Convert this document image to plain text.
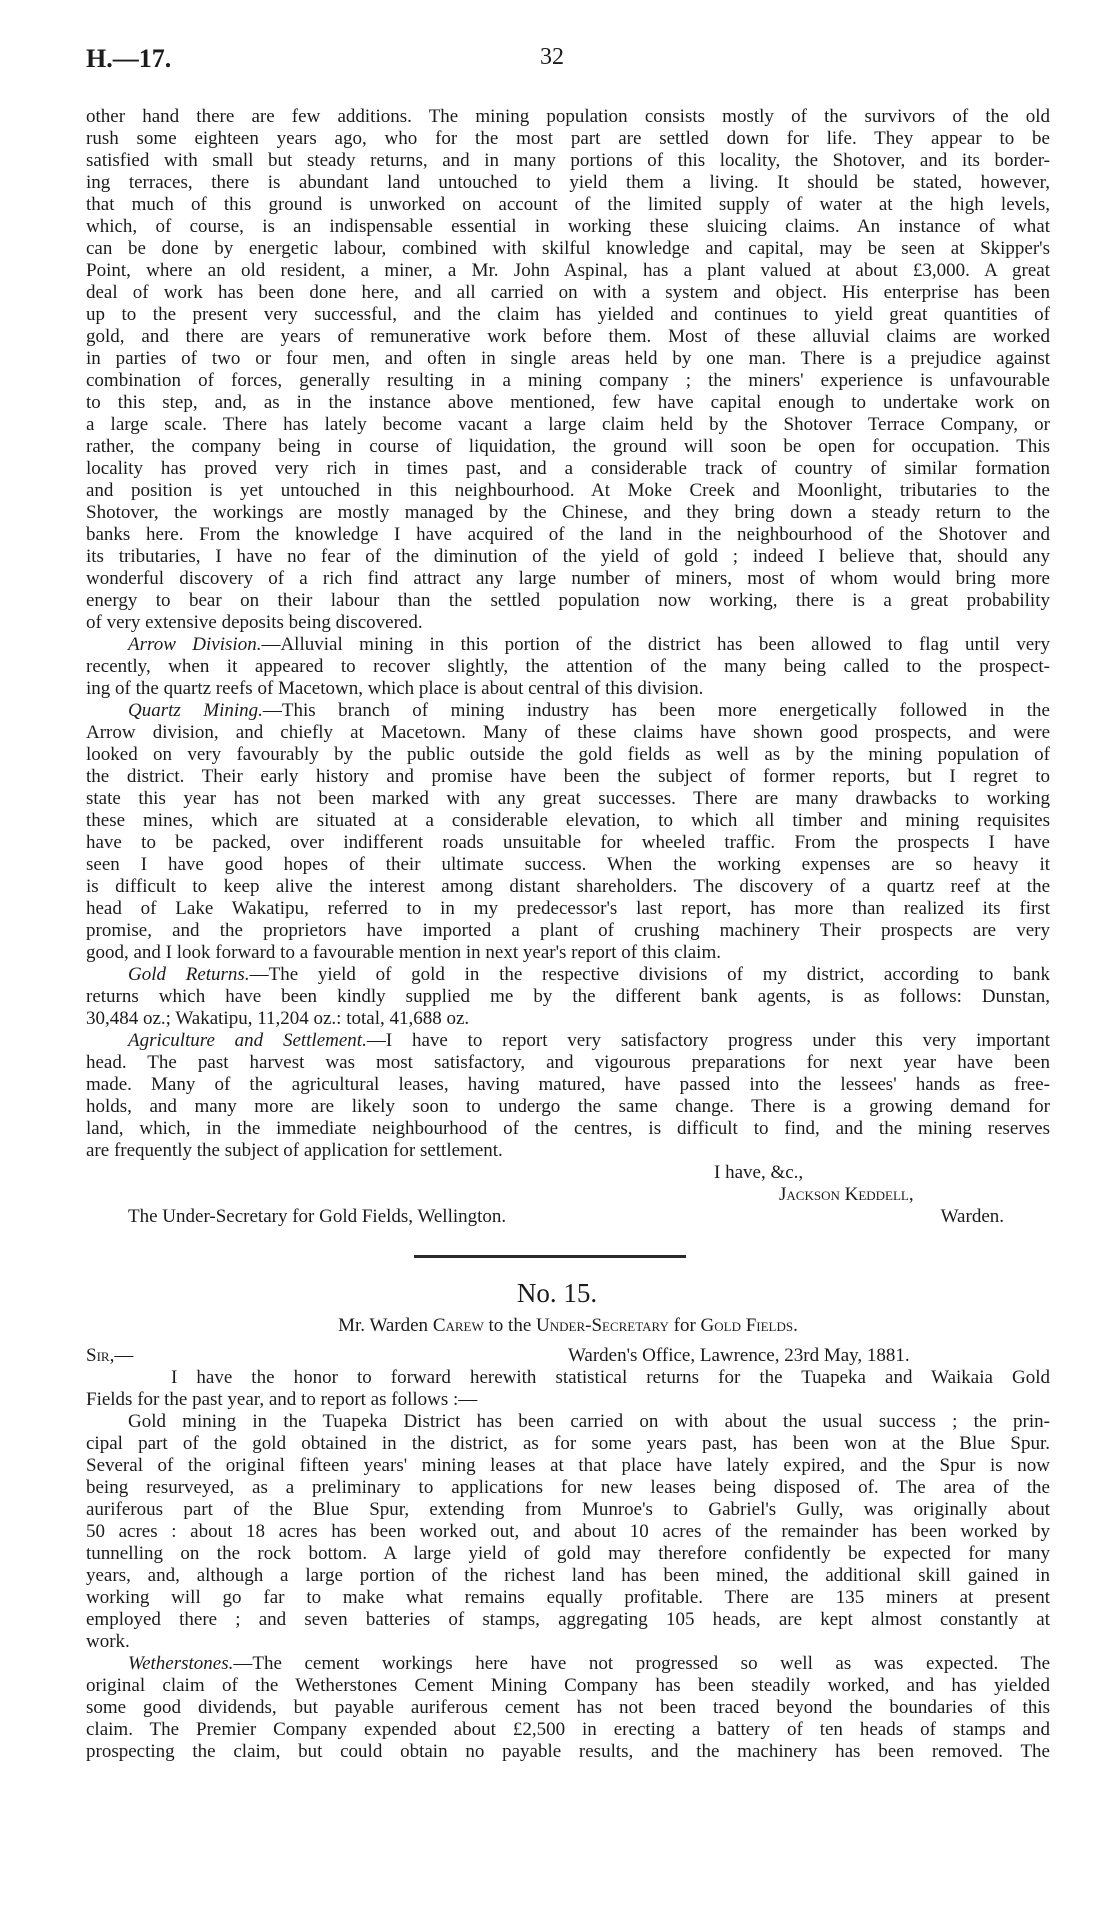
H.—17.	32
other hand there are few additions. The mining population consists mostly of the survivors of the old
rush some eighteen years ago, who for the most part are settled down for life. They appear to be
satisfied with small but steady returns, and in many portions of this locality, the Shotover, and its border-
ing terraces, there is abundant land untouched to yield them a living. It should be stated, however,
that much of this ground is unworked on account of the limited supply of water at the high levels,
which, of course, is an indispensable essential in working these sluicing claims. An instance of what
can be done by energetic labour, combined with skilful knowledge and capital, may be seen at Skipper's
Point, where an old resident, a miner, a Mr. John Aspinal, has a plant valued at about £3,000. A great
deal of work has been done here, and all carried on with a system and object. His enterprise has been
up to the present very successful, and the claim has yielded and continues to yield great quantities of
gold, and there are years of remunerative work before them. Most of these alluvial claims are worked
in parties of two or four men, and often in single areas held by one man. There is a prejudice against
combination of forces, generally resulting in a mining company ; the miners' experience is unfavourable
to this step, and, as in the instance above mentioned, few have capital enough to undertake work on
a large scale. There has lately become vacant a large claim held by the Shotover Terrace Company, or
rather, the company being in course of liquidation, the ground will soon be open for occupation. This
locality has proved very rich in times past, and a considerable track of country of similar formation
and position is yet untouched in this neighbourhood. At Moke Creek and Moonlight, tributaries to the
Shotover, the workings are mostly managed by the Chinese, and they bring down a steady return to the
banks here. From the knowledge I have acquired of the land in the neighbourhood of the Shotover and
its tributaries, I have no fear of the diminution of the yield of gold ; indeed I believe that, should any
wonderful discovery of a rich find attract any large number of miners, most of whom would bring more
energy to bear on their labour than the settled population now working, there is a great probability
of very extensive deposits being discovered.
Arrow Division.—Alluvial mining in this portion of the district has been allowed to flag until very
recently, when it appeared to recover slightly, the attention of the many being called to the prospect-
ing of the quartz reefs of Macetown, which place is about central of this division.
Quartz Mining.—This branch of mining industry has been more energetically followed in the
Arrow division, and chiefly at Macetown. Many of these claims have shown good prospects, and were
looked on very favourably by the public outside the gold fields as well as by the mining population of
the district. Their early history and promise have been the subject of former reports, but I regret to
state this year has not been marked with any great successes. There are many drawbacks to working
these mines, which are situated at a considerable elevation, to which all timber and mining requisites
have to be packed, over indifferent roads unsuitable for wheeled traffic. From the prospects I have
seen I have good hopes of their ultimate success. When the working expenses are so heavy it
is difficult to keep alive the interest among distant shareholders. The discovery of a quartz reef at the
head of Lake Wakatipu, referred to in my predecessor's last report, has more than realized its first
promise, and the proprietors have imported a plant of crushing machinery Their prospects are very
good, and I look forward to a favourable mention in next year's report of this claim.
Gold Returns.—The yield of gold in the respective divisions of my district, according to bank
returns which have been kindly supplied me by the different bank agents, is as follows: Dunstan,
30,484 oz.; Wakatipu, 11,204 oz.: total, 41,688 oz.
Agriculture and Settlement.—I have to report very satisfactory progress under this very important
head. The past harvest was most satisfactory, and vigourous preparations for next year have been
made. Many of the agricultural leases, having matured, have passed into the lessees' hands as free-
holds, and many more are likely soon to undergo the same change. There is a growing demand for
land, which, in the immediate neighbourhood of the centres, is difficult to find, and the mining reserves
are frequently the subject of application for settlement.
I have, &c.,
Jackson Keddell,
The Under-Secretary for Gold Fields, Wellington.	Warden.
No. 15.
Mr. Warden Carew to the Under-Secretary for Gold Fields.
Sir,—	Warden's Office, Lawrence, 23rd May, 1881.
I have the honor to forward herewith statistical returns for the Tuapeka and Waikaia Gold
Fields for the past year, and to report as follows :—
Gold mining in the Tuapeka District has been carried on with about the usual success ; the prin-
cipal part of the gold obtained in the district, as for some years past, has been won at the Blue Spur.
Several of the original fifteen years' mining leases at that place have lately expired, and the Spur is now
being resurveyed, as a preliminary to applications for new leases being disposed of. The area of the
auriferous part of the Blue Spur, extending from Munroe's to Gabriel's Gully, was originally about
50 acres : about 18 acres has been worked out, and about 10 acres of the remainder has been worked by
tunnelling on the rock bottom. A large yield of gold may therefore confidently be expected for many
years, and, although a large portion of the richest land has been mined, the additional skill gained in
working will go far to make what remains equally profitable. There are 135 miners at present
employed there ; and seven batteries of stamps, aggregating 105 heads, are kept almost constantly at
work.
Wetherstones.—The cement workings here have not progressed so well as was expected. The
original claim of the Wetherstones Cement Mining Company has been steadily worked, and has yielded
some good dividends, but payable auriferous cement has not been traced beyond the boundaries of this
claim. The Premier Company expended about £2,500 in erecting a battery of ten heads of stamps and
prospecting the claim, but could obtain no payable results, and the machinery has been removed. The
